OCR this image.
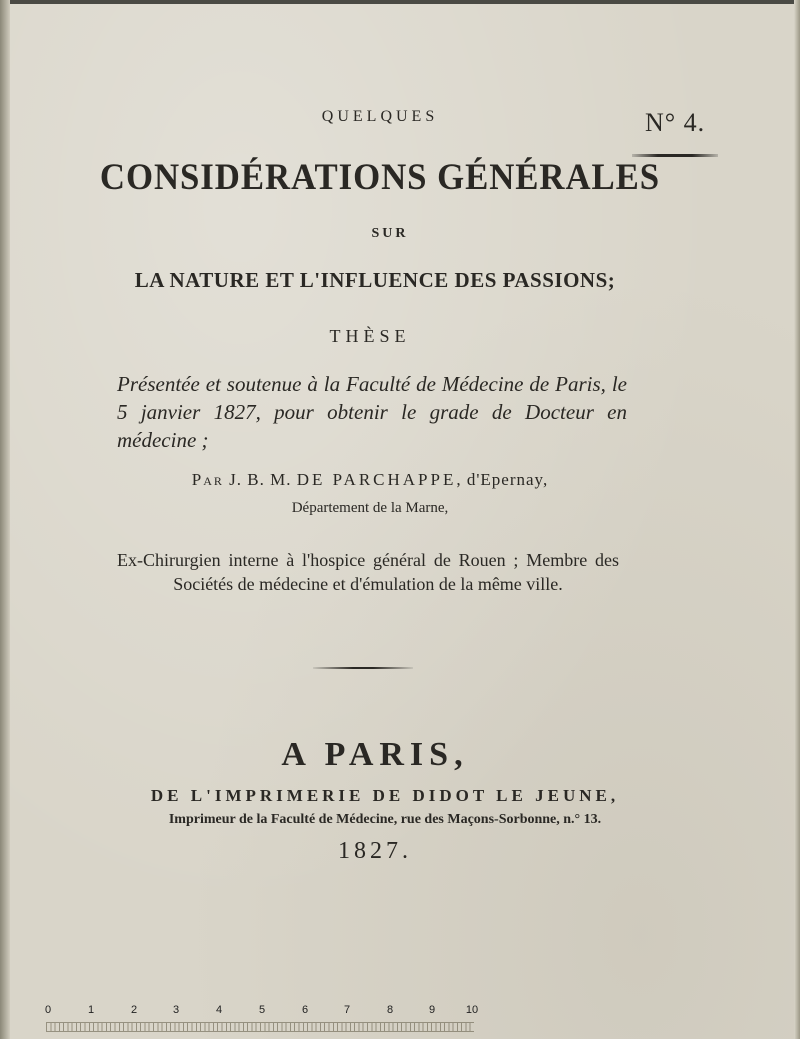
N° 4.
QUELQUES
CONSIDÉRATIONS GÉNÉRALES
SUR
LA NATURE ET L'INFLUENCE DES PASSIONS;
THÈSE
Présentée et soutenue à la Faculté de Médecine de Paris, le 5 janvier 1827, pour obtenir le grade de Docteur en médecine ;
Par J. B. M. DE PARCHAPPE, d'Epernay,
Département de la Marne,
Ex-Chirurgien interne à l'hospice général de Rouen ; Membre des Sociétés de médecine et d'émulation de la même ville.
A PARIS,
DE L'IMPRIMERIE DE DIDOT LE JEUNE,
Imprimeur de la Faculté de Médecine, rue des Maçons-Sorbonne, n.° 13.
1827.
0	1	2	3	4	5	6	7	8	9	10
